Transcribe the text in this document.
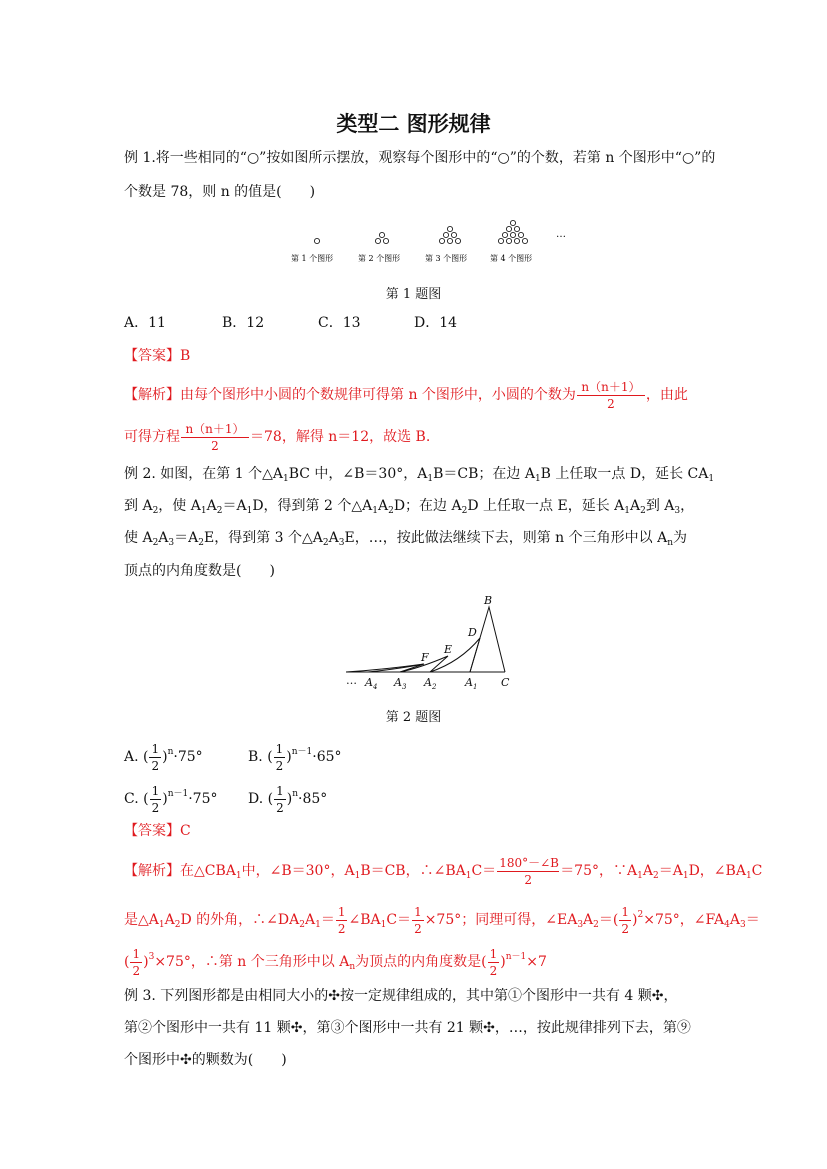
类型二 图形规律
例 1.将一些相同的“○”按如图所示摆放，观察每个图形中的“○”的个数，若第 n 个图形中“○”的
个数是 78，则 n 的值是(　　)
…
第 1 个图形	第 2 个图形	第 3 个图形	第 4 个图形
第 1 题图
A．11	B．12	C．13	D．14
【答案】B
【解析】由每个图形中小圆的个数规律可得第 n 个图形中，小圆的个数为 $\frac{n(n+1)}{2}$ ，由此
可得方程 $\frac{n(n+1)}{2} =78$，解得 n＝12，故选 B.
例 2. 如图，在第 1 个$\triangle A_1BC$ 中，∠B＝30°，$A_1B=CB$；在边 $A_1B$ 上任取一点 D，延长 $CA_1$
到 $A_2$，使 $A_1A_2=A_1D$，得到第 2 个$\triangle A_1A_2D$；在边 $A_2D$ 上任取一点 E，延长 $A_1A_2$到 $A_3$，
使 $A_2A_3=A_2E$，得到第 3 个$\triangle A_2A_3E$，…，按此做法继续下去，则第 n 个三角形中以 $A_n$为
顶点的内角度数是(　　)
B
C
D
E
F
$A_1$
$A_2$
$A_3$
$A_4$
…
第 2 题图
A. ( $\frac{1}{2} )^n\cdot 75^\circ$	B. ( $\frac{1}{2} )^{n-1}\cdot 65^\circ$
C. ( $\frac{1}{2} )^{n-1}\cdot 75^\circ$ D. ( $\frac{1}{2} )^n\cdot 85^\circ$
【答案】C
【解析】在$\triangle CBA_1$中，∠B＝30°，$A_1B=CB$，$\therefore\angle BA_1C= \frac{180^\circ-\angle B}{2} =75^\circ$，$\because A_1A_2=A_1D$，$\angle BA_1C$
是$\triangle A_1A_2D$ 的外角，$\therefore\angle DA_2A_1= \frac{1}{2}$ $\angle BA_1C= \frac{1}{2} \times 75^\circ$；同理可得，$\angle EA_3A_2=( \frac{1}{2} )^2\times 75^\circ$，$\angle FA_4A_3=$
( $\frac{1}{2} )^3\times 75^\circ$，∴第 n 个三角形中以 $A_n$为顶点的内角度数是( $\frac{1}{2} )^{n-1}\times 7$
例 3. 下列图形都是由相同大小的✣按一定规律组成的，其中第①个图形中一共有 4 颗✣，
第②个图形中一共有 11 颗✣，第③个图形中一共有 21 颗✣，…，按此规律排列下去，第⑨
个图形中✣的颗数为(　　)
